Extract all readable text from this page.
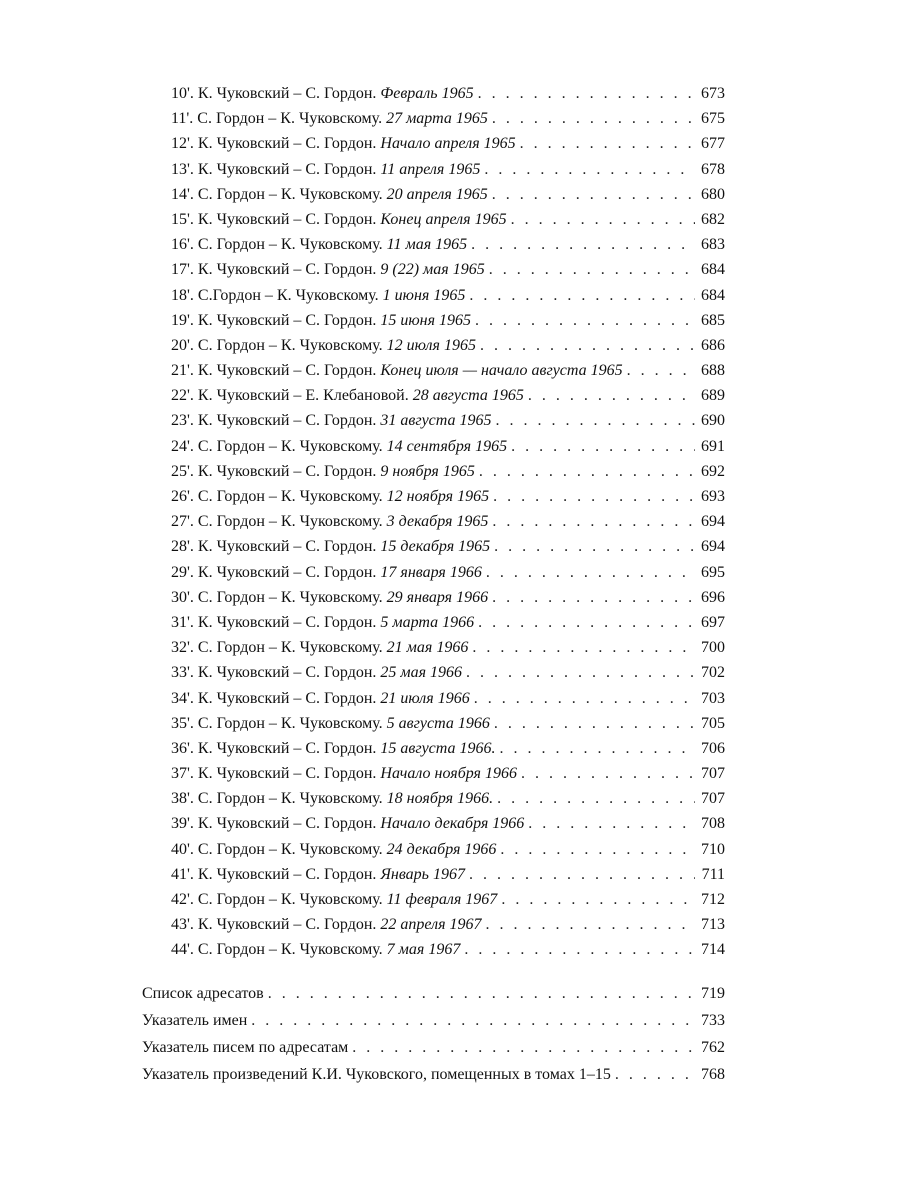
10'. К. Чуковский – С. Гордон. Февраль 1965 . . .	673
11'. С. Гордон – К. Чуковскому. 27 марта 1965 . . .	675
12'. К. Чуковский – С. Гордон. Начало апреля 1965 . . .	677
13'. К. Чуковский – С. Гордон. 11 апреля 1965 . . .	678
14'. С. Гордон – К. Чуковскому. 20 апреля 1965 . . .	680
15'. К. Чуковский – С. Гордон. Конец апреля 1965 . . .	682
16'. С. Гордон – К. Чуковскому. 11 мая 1965 . . .	683
17'. К. Чуковский – С. Гордон. 9 (22) мая 1965 . . .	684
18'. С.Гордон – К. Чуковскому. 1 июня 1965 . . .	684
19'. К. Чуковский – С. Гордон. 15 июня 1965 . . .	685
20'. С. Гордон – К. Чуковскому. 12 июля 1965 . . .	686
21'. К. Чуковский – С. Гордон. Конец июля — начало августа 1965 . . .	688
22'. К. Чуковский – Е. Клебановой. 28 августа 1965 . . .	689
23'. К. Чуковский – С. Гордон. 31 августа 1965 . . .	690
24'. С. Гордон – К. Чуковскому. 14 сентября 1965 . . .	691
25'. К. Чуковский – С. Гордон. 9 ноября 1965 . . .	692
26'. С. Гордон – К. Чуковскому. 12 ноября 1965 . . .	693
27'. С. Гордон – К. Чуковскому. 3 декабря 1965 . . .	694
28'. К. Чуковский – С. Гордон. 15 декабря 1965 . . .	694
29'. К. Чуковский – С. Гордон. 17 января 1966 . . .	695
30'. С. Гордон – К. Чуковскому. 29 января 1966 . . .	696
31'. К. Чуковский – С. Гордон. 5 марта 1966 . . .	697
32'. С. Гордон – К. Чуковскому. 21 мая 1966 . . .	700
33'. К. Чуковский – С. Гордон. 25 мая 1966 . . .	702
34'. К. Чуковский – С. Гордон. 21 июля 1966 . . .	703
35'. С. Гордон – К. Чуковскому. 5 августа 1966 . . .	705
36'. К. Чуковский – С. Гордон. 15 августа 1966. . . .	706
37'. К. Чуковский – С. Гордон. Начало ноября 1966 . . .	707
38'. С. Гордон – К. Чуковскому. 18 ноября 1966. . . .	707
39'. К. Чуковский – С. Гордон. Начало декабря 1966 . . .	708
40'. С. Гордон – К. Чуковскому. 24 декабря 1966 . . .	710
41'. К. Чуковский – С. Гордон. Январь 1967 . . .	711
42'. С. Гордон – К. Чуковскому. 11 февраля 1967 . . .	712
43'. К. Чуковский – С. Гордон. 22 апреля 1967 . . .	713
44'. С. Гордон – К. Чуковскому. 7 мая 1967 . . .	714
Список адресатов . . .	719
Указатель имен . . .	733
Указатель писем по адресатам . . .	762
Указатель произведений К.И. Чуковского, помещенных в томах 1–15 . . .	768
